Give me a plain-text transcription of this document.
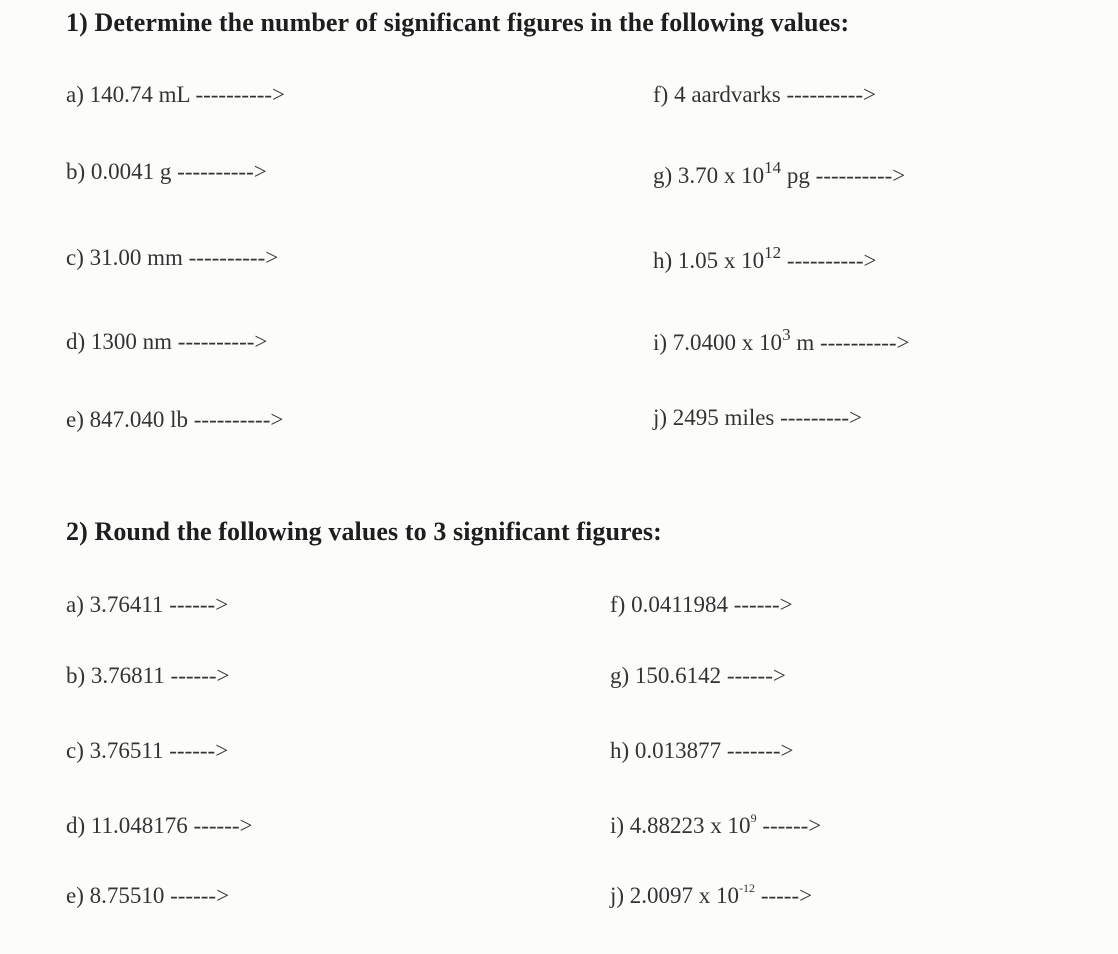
1) Determine the number of significant figures in the following values:
a) 140.74 mL ---------->
b) 0.0041 g ---------->
c) 31.00 mm ---------->
d) 1300 nm ---------->
e) 847.040 lb ---------->
f) 4 aardvarks ---------->
g) 3.70 x $10^{14}$ pg ---------->
h) 1.05 x $10^{12}$ ---------->
i) 7.0400 x $10^3$ m ---------->
j) 2495 miles --------->
2) Round the following values to 3 significant figures:
a) 3.76411 ------>
b) 3.76811 ------>
c) 3.76511 ------>
d) 11.048176 ------>
e) 8.75510 ------>
f) 0.0411984 ------>
g) 150.6142 ------>
h) 0.013877 ------->
i) 4.88223 x $10^9$ ------>
j) 2.0097 x $10^{-12}$ ----->
